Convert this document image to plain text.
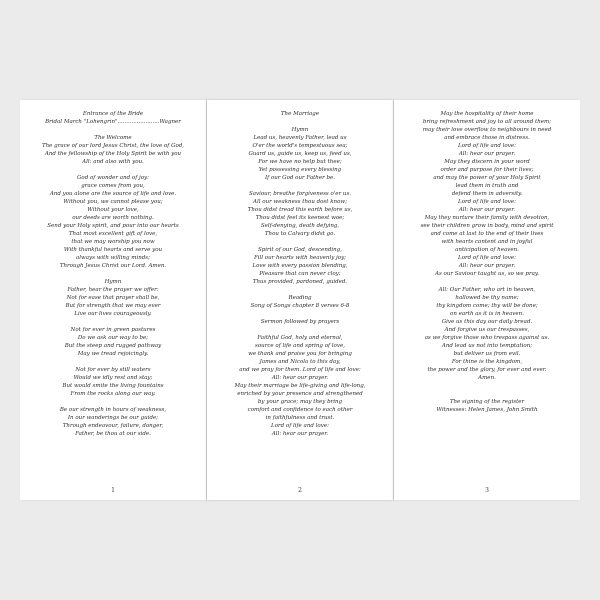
Entrance of the Bride
Bridal March "Lohengrin"........................Wagner
The Welcome
The grace of our lord Jesus Christ, the love of God,
And the fellowship of the Holy Spirit be with you
All: and also with you.
God of wonder and of joy:
grace comes from you,
And you alone are the source of life and love.
Without you, we cannot please you;
Without your love,
our deeds are worth nothing.
Send your Holy spirit, and pour into our hearts
That most excellent gift of love,
that we may worship you now
With thankful hearts and serve you
always with willing minds;
Through Jesus Christ our Lord. Amen.
Hymn
Father, hear the prayer we offer:
Not for ease that prayer shall be,
But for strength that we may ever
Live our lives courageously.
Not for ever in green pastures
Do we ask our way to be;
But the steep and rugged pathway
May we tread rejoicingly.
Not for ever by still waters
Would we idly rest and stay;
But would smite the living fountains
From the rocks along our way.
Be our strength in hours of weakness,
In our wanderings be our guide;
Through endeavour, failure, danger,
Father, be thou at our side.
1
The Marriage
Hymn
Lead us, heavenly Father, lead us
O'er the world's tempestuous sea;
Guard us, guide us, keep us, feed us,
For we have no help but thee;
Yet possessing every blessing
If our God our Father be.
Saviour, breathe forgiveness o'er us.
All our weakness thou dost know;
Thou didst tread this earth before us,
Thou didst feel its keenest woe;
Self-denying, death defying,
Thou to Calvary didst go.
Spirit of our God, descending,
Fill our hearts with heavenly joy;
Love with every passion blending,
Pleasure that can never cloy;
Thus provided, pardoned, guided.
Reading
Song of Songs chapter 8 verses 6-8
Sermon followed by prayers
Faithful God, holy and eternal,
source of life and spring of love,
we thank and praise you for bringing
James and Nicola to this day,
and we pray for them. Lord of life and love:
All: hear our prayer.
May their marriage be life-giving and life-long,
enriched by your presence and strengthened
by your grace; may they bring
comfort and confidence to each other
in faithfulness and trust.
Lord of life and love:
All: hear our prayer.
2
May the hospitality of their home
bring refreshment and joy to all around them;
may their love overflow to neighbours in need
and embrace those in distress.
Lord of life and love:
All: hear our prayer.
May they discern in your word
order and purpose for their lives;
and may the power of your Holy Spirit
lead them in truth and
defend them in adversity.
Lord of life and love:
All: hear our prayer.
May they nurture their family with devotion,
see their children grow in body, mind and spirit
and come at last to the end of their lives
with hearts content and in joyful
anticipation of heaven.
Lord of life and love:
All: hear our prayer.
As our Saviour taught us, so we pray.
All: Our Father, who art in heaven,
hallowed be thy name;
thy kingdom come; thy will be done;
on earth as it is in heaven.
Give us this day our daily bread.
And forgive us our trespasses,
as we forgive those who trespass against us.
And lead us not into temptation;
but deliver us from evil.
For thine is the kingdom,
the power and the glory, for ever and ever.
Amen.
The signing of the register
Witnesses: Helen James, John Smith
3
